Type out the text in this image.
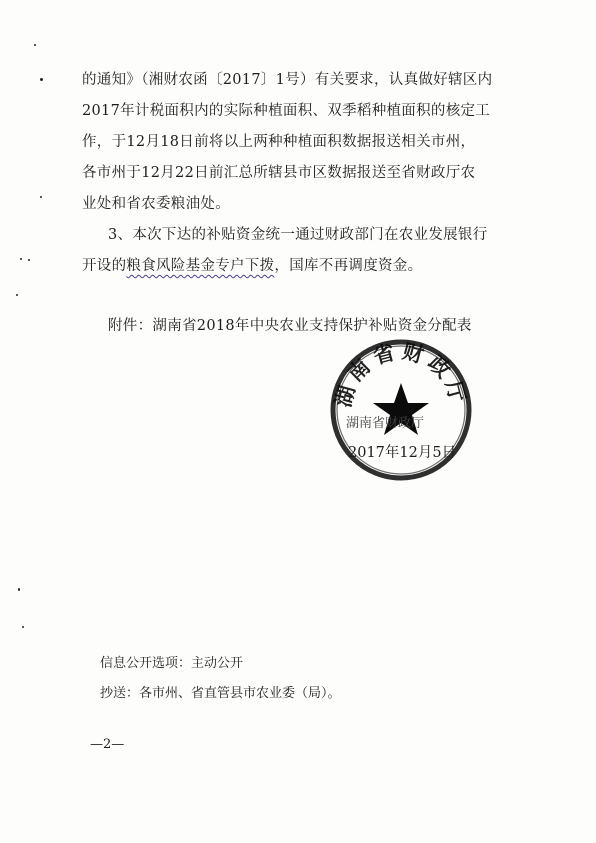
的通知》（湘财农函〔2017〕1号）有关要求，认真做好辖区内
2017年计税面积内的实际种植面积、双季稻种植面积的核定工
作，于12月18日前将以上两种种植面积数据报送相关市州，
各市州于12月22日前汇总所辖县市区数据报送至省财政厅农
业处和省农委粮油处。
3、本次下达的补贴资金统一通过财政部门在农业发展银行
开设的粮食风险基金专户下拨，国库不再调度资金。
附件：湖南省2018年中央农业支持保护补贴资金分配表
湖南省财政厅
湖南省财政厅
2017年12月5日
信息公开选项：主动公开
抄送：各市州、省直管县市农业委（局）。
—2—
